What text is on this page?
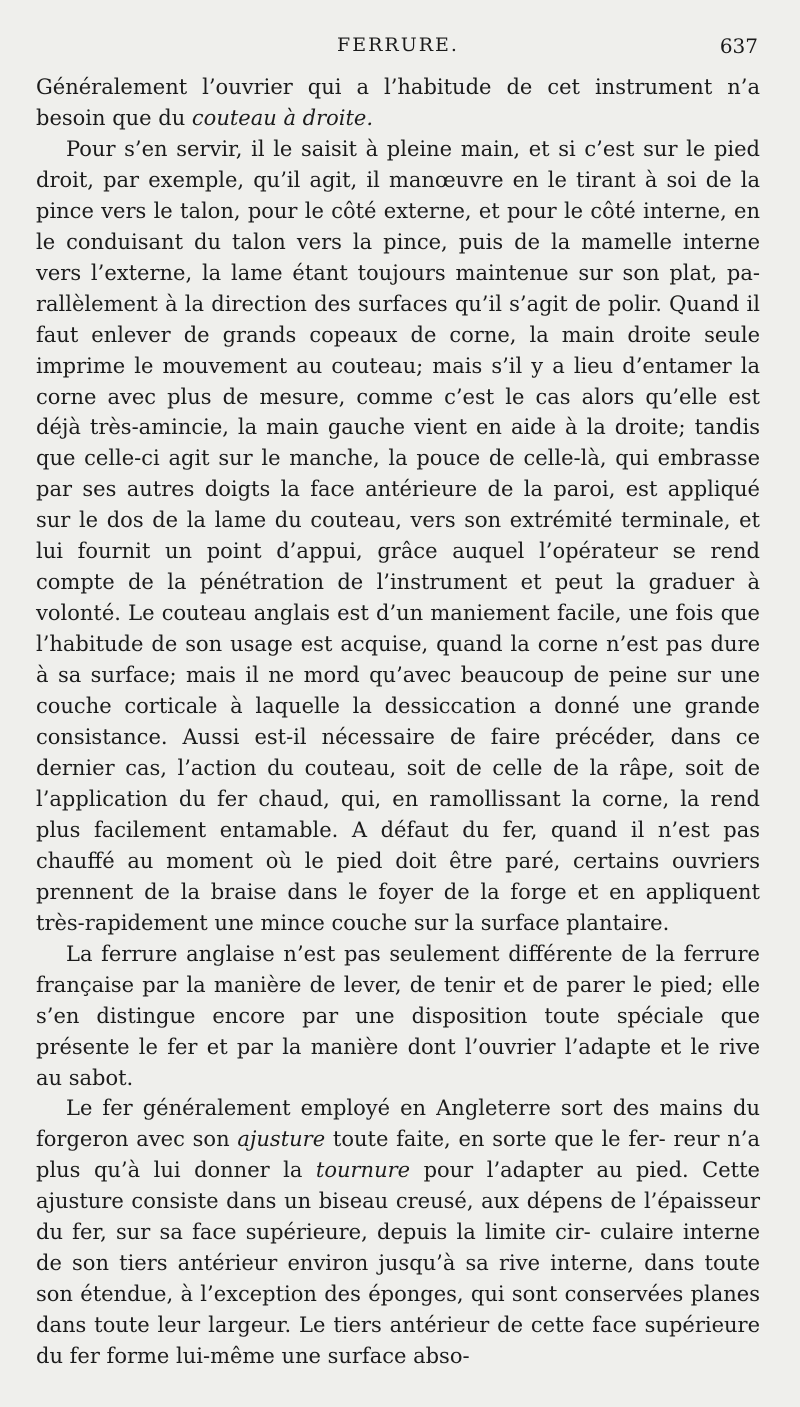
FERRURE.	637

Généralement l’ouvrier qui a l’habitude de cet instrument n’a besoin que du couteau à droite.

Pour s’en servir, il le saisit à pleine main, et si c’est sur le pied droit, par exemple, qu’il agit, il manœuvre en le tirant à soi de la pince vers le talon, pour le côté externe, et pour le côté interne, en le conduisant du talon vers la pince, puis de la mamelle interne vers l’externe, la lame étant toujours maintenue sur son plat, pa- rallèlement à la direction des surfaces qu’il s’agit de polir. Quand il faut enlever de grands copeaux de corne, la main droite seule imprime le mouvement au couteau; mais s’il y a lieu d’entamer la corne avec plus de mesure, comme c’est le cas alors qu’elle est déjà très-amincie, la main gauche vient en aide à la droite; tandis que celle-ci agit sur le manche, la pouce de celle-là, qui embrasse par ses autres doigts la face antérieure de la paroi, est appliqué sur le dos de la lame du couteau, vers son extrémité terminale, et lui fournit un point d’appui, grâce auquel l’opérateur se rend compte de la pénétration de l’instrument et peut la graduer à volonté. Le couteau anglais est d’un maniement facile, une fois que l’habitude de son usage est acquise, quand la corne n’est pas dure à sa surface; mais il ne mord qu’avec beaucoup de peine sur une couche corticale à laquelle la dessiccation a donné une grande consistance. Aussi est-il nécessaire de faire précéder, dans ce dernier cas, l’action du couteau, soit de celle de la râpe, soit de l’application du fer chaud, qui, en ramollissant la corne, la rend plus facilement entamable. A défaut du fer, quand il n’est pas chauffé au moment où le pied doit être paré, certains ouvriers prennent de la braise dans le foyer de la forge et en appliquent très-rapidement une mince couche sur la surface plantaire.

La ferrure anglaise n’est pas seulement différente de la ferrure française par la manière de lever, de tenir et de parer le pied; elle s’en distingue encore par une disposition toute spéciale que présente le fer et par la manière dont l’ouvrier l’adapte et le rive au sabot.

Le fer généralement employé en Angleterre sort des mains du forgeron avec son ajusture toute faite, en sorte que le fer- reur n’a plus qu’à lui donner la tournure pour l’adapter au pied. Cette ajusture consiste dans un biseau creusé, aux dépens de l’épaisseur du fer, sur sa face supérieure, depuis la limite cir- culaire interne de son tiers antérieur environ jusqu’à sa rive interne, dans toute son étendue, à l’exception des éponges, qui sont conservées planes dans toute leur largeur. Le tiers antérieur de cette face supérieure du fer forme lui-même une surface abso-
